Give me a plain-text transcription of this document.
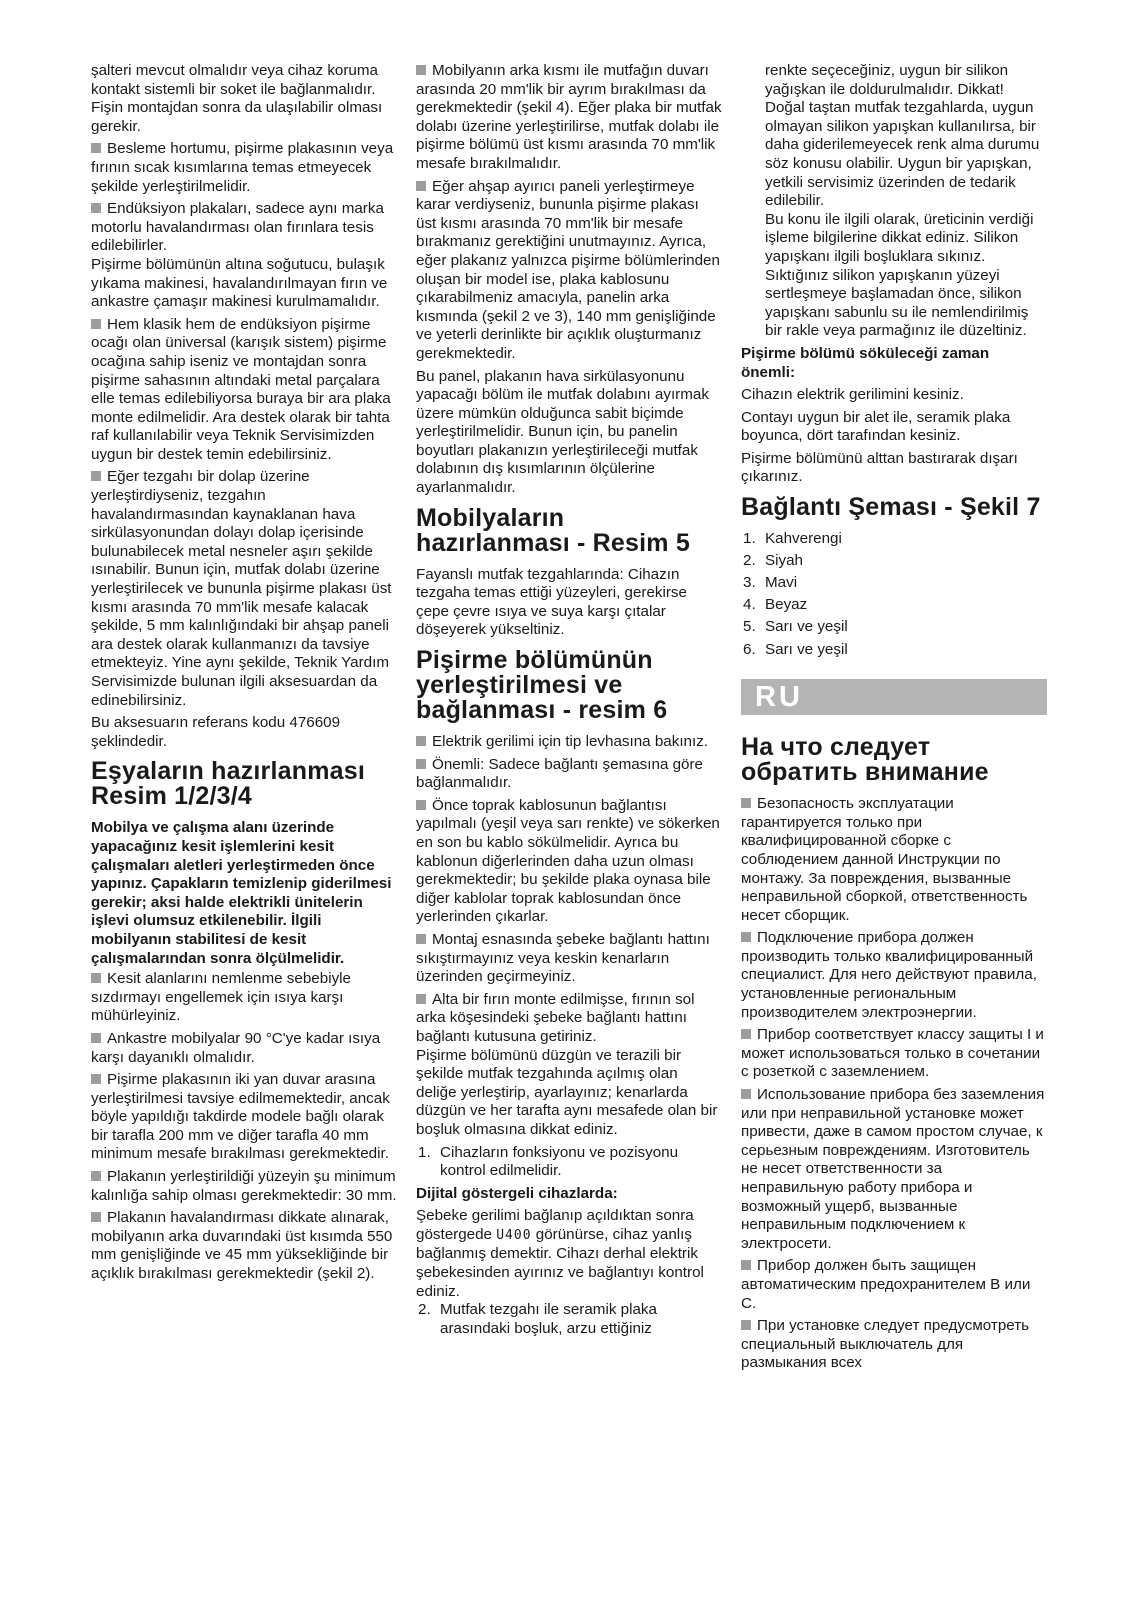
şalteri mevcut olmalıdır veya cihaz koruma kontakt sistemli bir soket ile bağlanmalıdır. Fişin montajdan sonra da ulaşılabilir olması gerekir.

Besleme hortumu, pişirme plakasının veya fırının sıcak kısımlarına temas etmeyecek şekilde yerleştirilmelidir.

Endüksiyon plakaları, sadece aynı marka motorlu havalandırması olan fırınlara tesis edilebilirler.

Pişirme bölümünün altına soğutucu, bulaşık yıkama makinesi, havalandırılmayan fırın ve ankastre çamaşır makinesi kurulmamalıdır.

Hem klasik hem de endüksiyon pişirme ocağı olan üniversal (karışık sistem) pişirme ocağına sahip iseniz ve montajdan sonra pişirme sahasının altındaki metal parçalara elle temas edilebiliyorsa buraya bir ara plaka monte edilmelidir. Ara destek olarak bir tahta raf kullanılabilir veya Teknik Servisimizden uygun bir destek temin edebilirsiniz.

Eğer tezgahı bir dolap üzerine yerleştirdiyseniz, tezgahın havalandırmasından kaynaklanan hava sirkülasyonundan dolayı dolap içerisinde bulunabilecek metal nesneler aşırı şekilde ısınabilir. Bunun için, mutfak dolabı üzerine yerleştirilecek ve bununla pişirme plakası üst kısmı arasında 70 mm'lik mesafe kalacak şekilde, 5 mm kalınlığındaki bir ahşap paneli ara destek olarak kullanmanızı da tavsiye etmekteyiz. Yine aynı şekilde, Teknik Yardım Servisimizde bulunan ilgili aksesuardan da edinebilirsiniz.

Bu aksesuarın referans kodu 476609 şeklindedir.

Eşyaların hazırlanması Resim 1/2/3/4

Mobilya ve çalışma alanı üzerinde yapacağınız kesit işlemlerini kesit çalışmaları aletleri yerleştirmeden önce yapınız. Çapakların temizlenip giderilmesi gerekir; aksi halde elektrikli ünitelerin işlevi olumsuz etkilenebilir. İlgili mobilyanın stabilitesi de kesit çalışmalarından sonra ölçülmelidir.

Kesit alanlarını nemlenme sebebiyle sızdırmayı engellemek için ısıya karşı mühürleyiniz.

Ankastre mobilyalar 90 °C'ye kadar ısıya karşı dayanıklı olmalıdır.

Pişirme plakasının iki yan duvar arasına yerleştirilmesi tavsiye edilmemektedir, ancak böyle yapıldığı takdirde modele bağlı olarak bir tarafla 200 mm ve diğer tarafla 40 mm minimum mesafe bırakılması gerekmektedir.

Plakanın yerleştirildiği yüzeyin şu minimum kalınlığa sahip olması gerekmektedir: 30 mm.

Plakanın havalandırması dikkate alınarak, mobilyanın arka duvarındaki üst kısımda 550 mm genişliğinde ve 45 mm yüksekliğinde bir açıklık bırakılması gerekmektedir (şekil 2).

Mobilyanın arka kısmı ile mutfağın duvarı arasında 20 mm'lik bir ayrım bırakılması da gerekmektedir (şekil 4). Eğer plaka bir mutfak dolabı üzerine yerleştirilirse, mutfak dolabı ile pişirme bölümü üst kısmı arasında 70 mm'lik mesafe bırakılmalıdır.

Eğer ahşap ayırıcı paneli yerleştirmeye karar verdiyseniz, bununla pişirme plakası üst kısmı arasında 70 mm'lik bir mesafe bırakmanız gerektiğini unutmayınız. Ayrıca, eğer plakanız yalnızca pişirme bölümlerinden oluşan bir model ise, plaka kablosunu çıkarabilmeniz amacıyla, panelin arka kısmında (şekil 2 ve 3), 140 mm genişliğinde ve yeterli derinlikte bir açıklık oluşturmanız gerekmektedir.

Bu panel, plakanın hava sirkülasyonunu yapacağı bölüm ile mutfak dolabını ayırmak üzere mümkün olduğunca sabit biçimde yerleştirilmelidir. Bunun için, bu panelin boyutları plakanızın yerleştirileceği mutfak dolabının dış kısımlarının ölçülerine ayarlanmalıdır.

Mobilyaların hazırlanması - Resim 5

Fayanslı mutfak tezgahlarında: Cihazın tezgaha temas ettiği yüzeyleri, gerekirse çepe çevre ısıya ve suya karşı çıtalar döşeyerek yükseltiniz.

Pişirme bölümünün yerleştirilmesi ve bağlanması - resim 6

Elektrik gerilimi için tip levhasına bakınız.

Önemli: Sadece bağlantı şemasına göre bağlanmalıdır.

Önce toprak kablosunun bağlantısı yapılmalı (yeşil veya sarı renkte) ve sökerken en son bu kablo sökülmelidir. Ayrıca bu kablonun diğerlerinden daha uzun olması gerekmektedir; bu şekilde plaka oynasa bile diğer kablolar toprak kablosundan önce yerlerinden çıkarlar.

Montaj esnasında şebeke bağlantı hattını sıkıştırmayınız veya keskin kenarların üzerinden geçirmeyiniz.

Alta bir fırın monte edilmişse, fırının sol arka köşesindeki şebeke bağlantı hattını bağlantı kutusuna getiriniz.

Pişirme bölümünü düzgün ve terazili bir şekilde mutfak tezgahında açılmış olan deliğe yerleştirip, ayarlayınız; kenarlarda düzgün ve her tarafta aynı mesafede olan bir boşluk olmasına dikkat ediniz.

1. Cihazların fonksiyonu ve pozisyonu kontrol edilmelidir.
Dijital göstergeli cihazlarda:

Şebeke gerilimi bağlanıp açıldıktan sonra göstergede U400 görünürse, cihaz yanlış bağlanmış demektir. Cihazı derhal elektrik şebekesinden ayırınız ve bağlantıyı kontrol ediniz.

2. Mutfak tezgahı ile seramik plaka arasındaki boşluk, arzu ettiğiniz

renkte seçeceğiniz, uygun bir silikon yağışkan ile doldurulmalıdır. Dikkat! Doğal taştan mutfak tezgahlarda, uygun olmayan silikon yapışkan kullanılırsa, bir daha giderilemeyecek renk alma durumu söz konusu olabilir. Uygun bir yapışkan, yetkili servisimiz üzerinden de tedarik edilebilir.

Bu konu ile ilgili olarak, üreticinin verdiği işleme bilgilerine dikkat ediniz. Silikon yapışkanı ilgili boşluklara sıkınız.

Sıktığınız silikon yapışkanın yüzeyi sertleşmeye başlamadan önce, silikon yapışkanı sabunlu su ile nemlendirilmiş bir rakle veya parmağınız ile düzeltiniz.

Pişirme bölümü söküleceği zaman önemli:

Cihazın elektrik gerilimini kesiniz.

Contayı uygun bir alet ile, seramik plaka boyunca, dört tarafından kesiniz.

Pişirme bölümünü alttan bastırarak dışarı çıkarınız.

Bağlantı Şeması - Şekil 7
1. Kahverengi
2. Siyah
3. Mavi
4. Beyaz
5. Sarı ve yeşil
6. Sarı ve yeşil
RU
На что следует обратить внимание

Безопасность эксплуатации гарантируется только при квалифицированной сборке с соблюдением данной Инструкции по монтажу. За повреждения, вызванные неправильной сборкой, ответственность несет сборщик.

Подключение прибора должен производить только квалифицированный специалист. Для него действуют правила, установленные региональным производителем электроэнергии.

Прибор соответствует классу защиты I и может использоваться только в сочетании с розеткой с заземлением.

Использование прибора без заземления или при неправильной установке может привести, даже в самом простом случае, к серьезным повреждениям. Изготовитель не несет ответственности за неправильную работу прибора и возможный ущерб, вызванные неправильным подключением к электросети.

Прибор должен быть защищен автоматическим предохранителем В или С.

При установке следует предусмотреть специальный выключатель для размыкания всех
